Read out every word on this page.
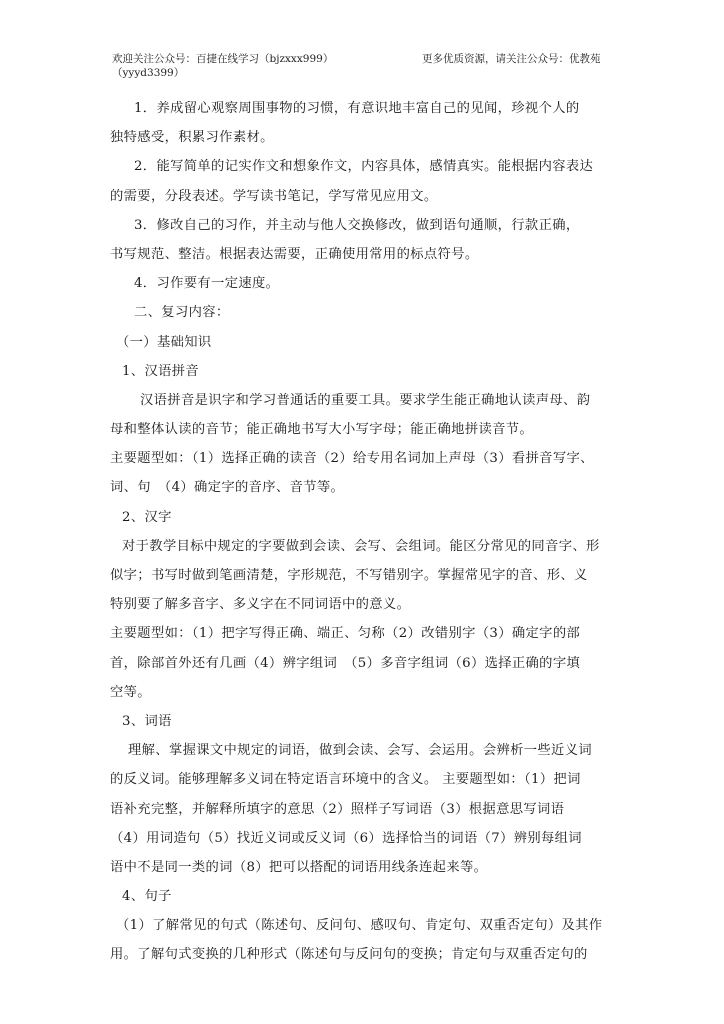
欢迎关注公众号：百捷在线学习（bjzxxx999）	更多优质资源，请关注公众号：优教苑
（yyyd3399）
1．养成留心观察周围事物的习惯，有意识地丰富自己的见闻，珍视个人的
独特感受，积累习作素材。
2．能写简单的记实作文和想象作文，内容具体，感情真实。能根据内容表达
的需要，分段表述。学写读书笔记，学写常见应用文。
3．修改自己的习作，并主动与他人交换修改，做到语句通顺，行款正确，
书写规范、整洁。根据表达需要，正确使用常用的标点符号。
4．习作要有一定速度。
二、复习内容：
（一）基础知识
1、汉语拼音
汉语拼音是识字和学习普通话的重要工具。要求学生能正确地认读声母、韵
母和整体认读的音节；能正确地书写大小写字母；能正确地拼读音节。
主要题型如：（1）选择正确的读音（2）给专用名词加上声母（3）看拼音写字、
词、句　（4）确定字的音序、音节等。
2、汉字
对于教学目标中规定的字要做到会读、会写、会组词。能区分常见的同音字、形
似字；书写时做到笔画清楚，字形规范，不写错别字。掌握常见字的音、形、义
特别要了解多音字、多义字在不同词语中的意义。
主要题型如：（1）把字写得正确、端正、匀称（2）改错别字（3）确定字的部
首，除部首外还有几画（4）辨字组词　（5）多音字组词（6）选择正确的字填
空等。
3、词语
理解、掌握课文中规定的词语，做到会读、会写、会运用。会辨析一些近义词
的反义词。能够理解多义词在特定语言环境中的含义。 主要题型如：（1）把词
语补充完整，并解释所填字的意思（2）照样子写词语（3）根据意思写词语
（4）用词造句（5）找近义词或反义词（6）选择恰当的词语（7）辨别每组词
语中不是同一类的词（8）把可以搭配的词语用线条连起来等。
4、句子
（1）了解常见的句式（陈述句、反问句、感叹句、肯定句、双重否定句）及其作
用。了解句式变换的几种形式（陈述句与反问句的变换；肯定句与双重否定句的
